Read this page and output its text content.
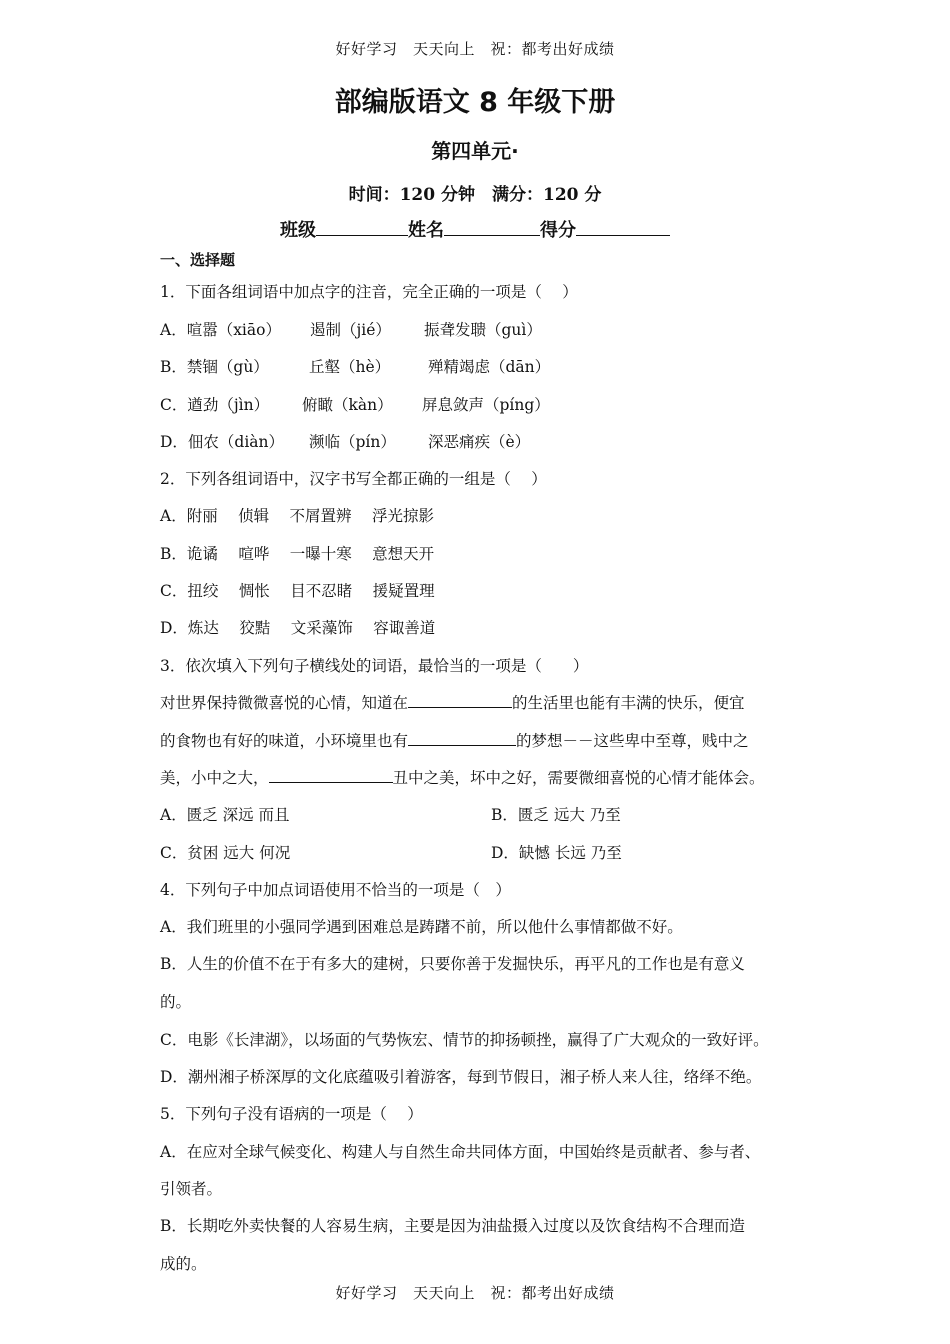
好好学习　天天向上　祝：都考出好成绩
部编版语文 8 年级下册
第四单元·
时间：120 分钟　满分：120 分
班级	姓名	得分
一、选择题
1．下面各组词语中加点字的注音，完全正确的一项是（　 ）
A．喧嚣（xiāo） 遏制（jié） 振聋发聩（guì）
B．禁锢（gù）	丘壑（hè） 殚精竭虑（dān）
C．遒劲（jìn） 俯瞰（kàn） 屏息敛声（píng）
D．佃农（diàn） 濒临（pín） 深恶痛疾（è）
2．下列各组词语中，汉字书写全都正确的一组是（　 ）
A．附丽　 侦辑　 不屑置辨　 浮光掠影
B．诡谲　 喧哗　 一曝十寒　 意想天开
C．扭绞　 惆怅　 目不忍睹　 援疑置理
D．炼达　 狡黠　 文采藻饰　 容诹善道
3．依次填入下列句子横线处的词语，最恰当的一项是（　　）
对世界保持微微喜悦的心情，知道在	的生活里也能有丰满的快乐，便宜
的食物也有好的味道，小环境里也有	的梦想－－这些卑中至尊，贱中之
美，小中之大，	丑中之美，坏中之好，需要微细喜悦的心情才能体会。
A．匮乏 深远 而且	B．匮乏 远大 乃至
C．贫困 远大 何况	D．缺憾 长远 乃至
4．下列句子中加点词语使用不恰当的一项是（　）
A．我们班里的小强同学遇到困难总是踌躇不前，所以他什么事情都做不好。
B．人生的价值不在于有多大的建树，只要你善于发掘快乐，再平凡的工作也是有意义
的。
C．电影《长津湖》，以场面的气势恢宏、情节的抑扬顿挫，赢得了广大观众的一致好评。
D．潮州湘子桥深厚的文化底蕴吸引着游客，每到节假日，湘子桥人来人往，络绎不绝。
5．下列句子没有语病的一项是（　 ）
A．在应对全球气候变化、构建人与自然生命共同体方面，中国始终是贡献者、参与者、
引领者。
B．长期吃外卖快餐的人容易生病，主要是因为油盐摄入过度以及饮食结构不合理而造
成的。
好好学习　天天向上　祝：都考出好成绩
